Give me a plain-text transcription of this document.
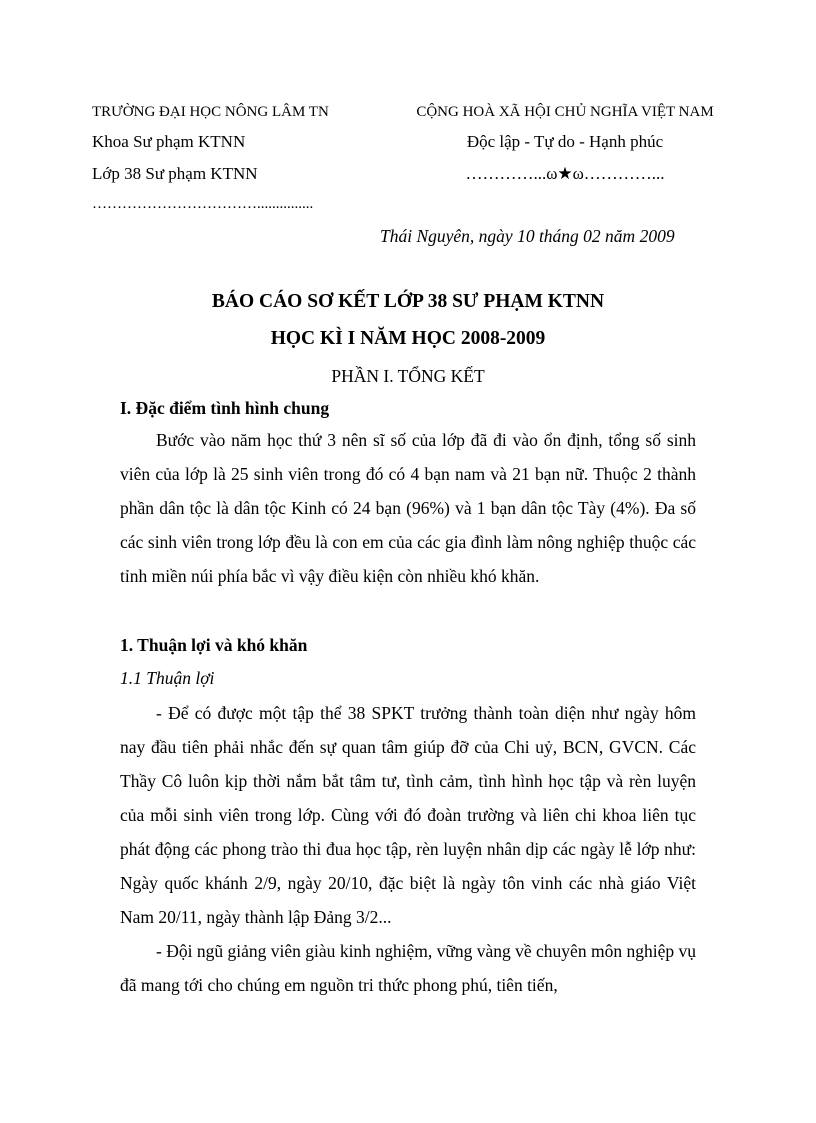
TRƯỜNG ĐẠI HỌC NÔNG LÂM TN
Khoa Sư phạm KTNN
Lớp 38 Sư phạm KTNN
……………………………...............
CỘNG HOÀ XÃ HỘI CHỦ NGHĨA VIỆT NAM
Độc lập - Tự do - Hạnh phúc
…………...ω★ω…………...
Thái Nguyên, ngày 10 tháng 02 năm 2009
BÁO CÁO SƠ KẾT LỚP 38 SƯ PHẠM KTNN
HỌC KÌ I NĂM HỌC 2008-2009
PHẦN I. TỔNG KẾT
I. Đặc điểm tình hình chung

Bước vào năm học thứ 3 nên sĩ số của lớp đã đi vào ổn định, tổng số sinh viên của lớp là 25 sinh viên trong đó có 4 bạn nam và 21 bạn nữ. Thuộc 2 thành phần dân tộc là dân tộc Kinh có 24 bạn (96%) và 1 bạn dân tộc Tày (4%). Đa số các sinh viên trong lớp đều là con em của các gia đình làm nông nghiệp thuộc các tỉnh miền núi phía bắc vì vậy điều kiện còn nhiều khó khăn.

1. Thuận lợi và khó khăn
1.1 Thuận lợi

- Để có được một tập thể 38 SPKT trưởng thành toàn diện như ngày hôm nay đầu tiên phải nhắc đến sự quan tâm giúp đỡ của Chi uỷ, BCN, GVCN. Các Thầy Cô luôn kịp thời nắm bắt tâm tư, tình cảm, tình hình học tập và rèn luyện của mỗi sinh viên trong lớp. Cùng với đó đoàn trường và liên chi khoa liên tục phát động các phong trào thi đua học tập, rèn luyện nhân dịp các ngày lễ lớp như: Ngày quốc khánh 2/9, ngày 20/10, đặc biệt là ngày tôn vinh các nhà giáo Việt Nam 20/11, ngày thành lập Đảng 3/2...

- Đội ngũ giảng viên giàu kinh nghiệm, vững vàng về chuyên môn nghiệp vụ đã mang tới cho chúng em nguồn tri thức phong phú, tiên tiến,
